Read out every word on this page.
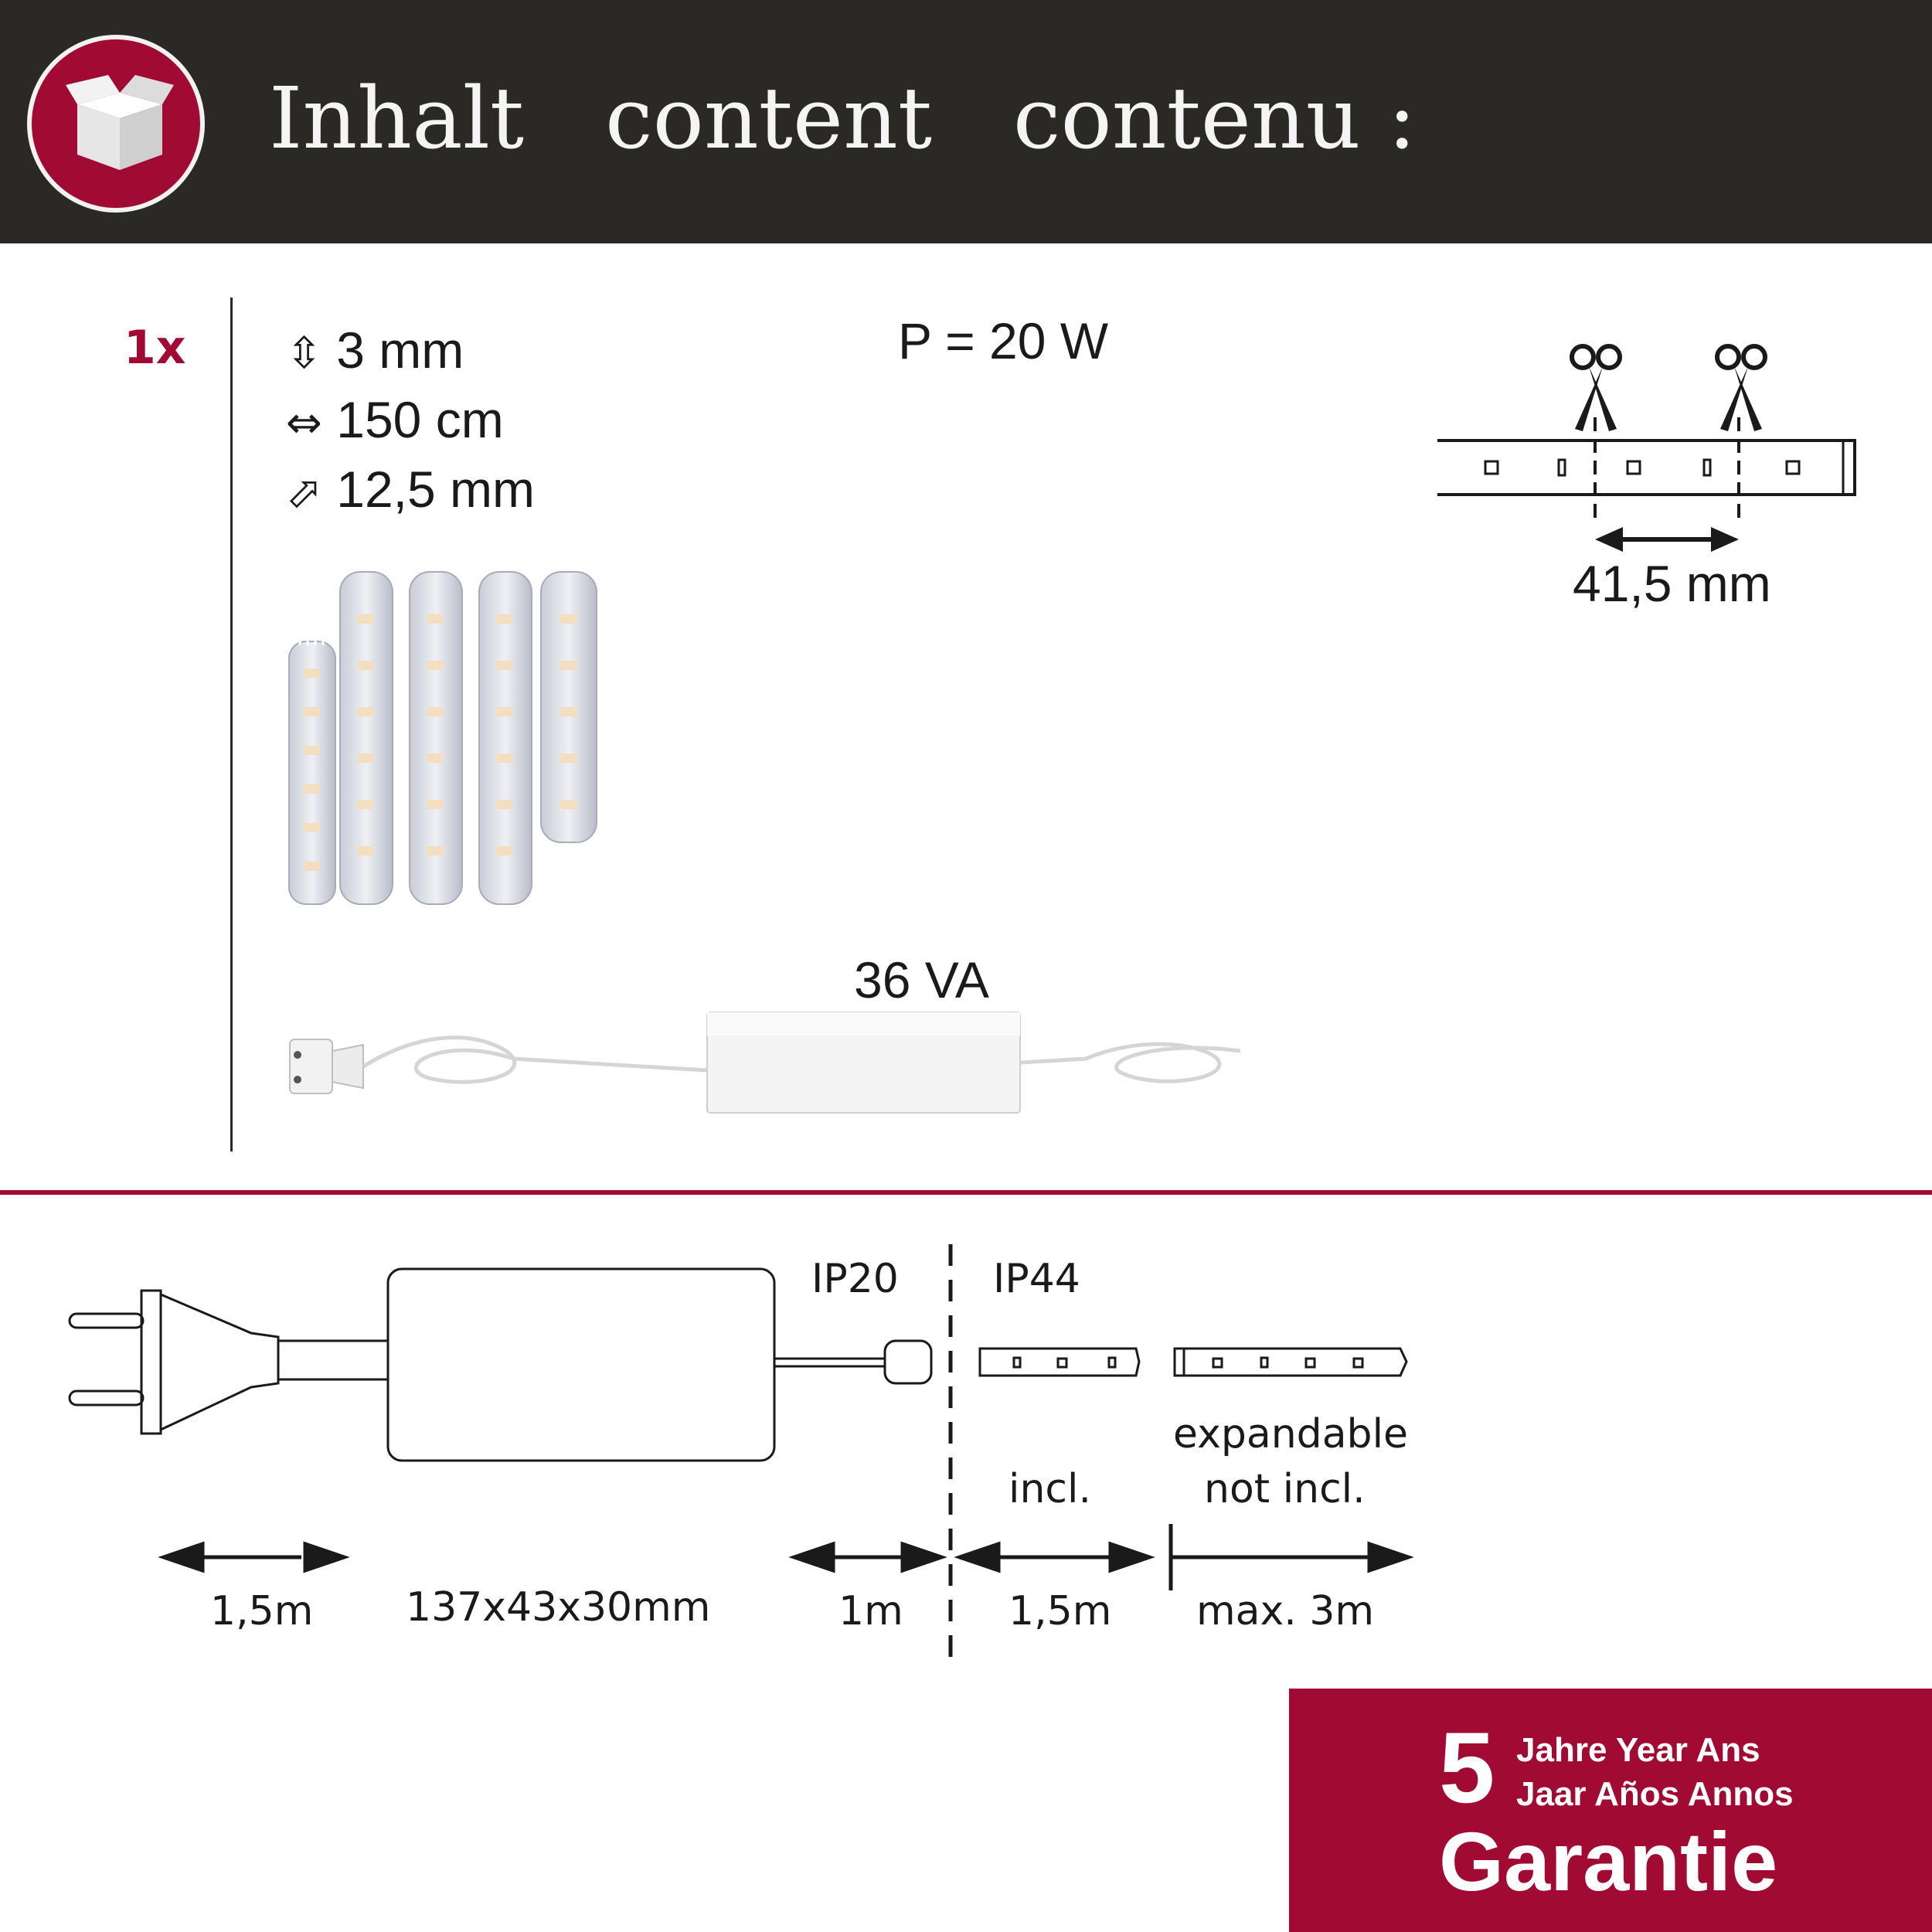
Inhalt   content   contenu :
1x ⇳ 3 mm
⇔ 150 cm
⬀ 12,5 mm
P = 20 W
36 VA
41,5 mm
IP20 IP44
incl.
expandable
not incl.
1,5m 137x43x30mm	1m	1,5m max. 3m
5 Jahre Year Ans
Jaar Años Annos
Garantie
